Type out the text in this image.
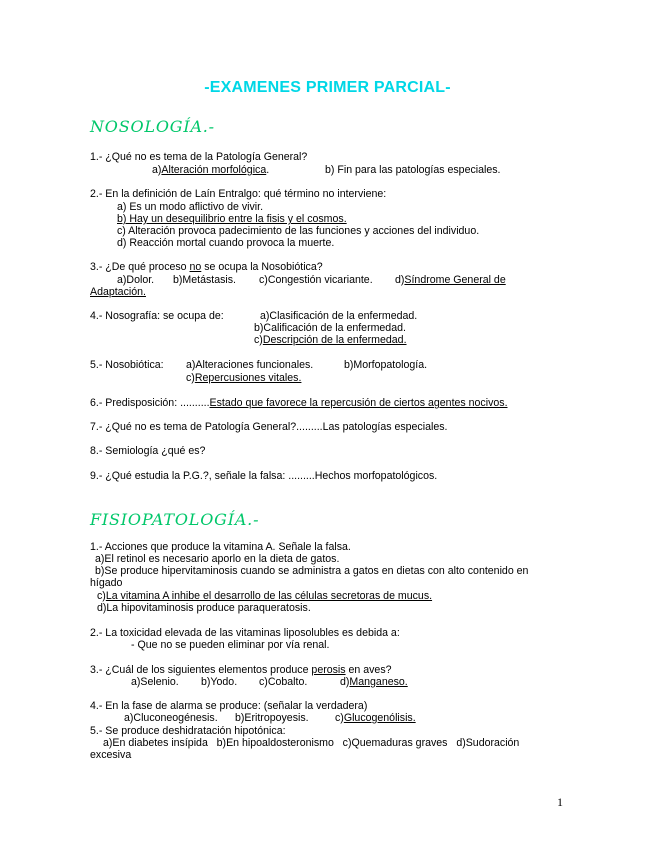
-EXAMENES PRIMER PARCIAL-
NOSOLOGÍA.-
1.- ¿Qué no es tema de la Patología General?
a)Alteración morfológica.	b) Fin para las patologías especiales.
2.- En la definición de Laín Entralgo: qué término no interviene:
a) Es un modo aflictivo de vivir.
b) Hay un desequilibrio entre la fisis y el cosmos.
c) Alteración provoca padecimiento de las funciones y acciones del individuo.
d) Reacción mortal cuando provoca la muerte.
3.- ¿De qué proceso no se ocupa la Nosobiótica?
a)Dolor. b)Metástasis. c)Congestión vicariante. d)Síndrome General de
Adaptación.
4.- Nosografía: se ocupa de:	a)Clasificación de la enfermedad.
b)Calificación de la enfermedad.
c)Descripción de la enfermedad.
5.- Nosobiótica: a)Alteraciones funcionales.	b)Morfopatología.
c)Repercusiones vitales.
6.- Predisposición: ..........Estado que favorece la repercusión de ciertos agentes nocivos.
7.- ¿Qué no es tema de Patología General?.........Las patologías especiales.
8.- Semiología ¿qué es?
9.- ¿Qué estudia la P.G.?, señale la falsa: .........Hechos morfopatológicos.
FISIOPATOLOGÍA.-
1.- Acciones que produce la vitamina A. Señale la falsa.
a)El retinol es necesario aporlo en la dieta de gatos.
b)Se produce hipervitaminosis cuando se administra a gatos en dietas con alto contenido en
hígado
c)La vitamina A inhibe el desarrollo de las células secretoras de mucus.
d)La hipovitaminosis produce paraqueratosis.
2.- La toxicidad elevada de las vitaminas liposolubles es debida a:
- Que no se pueden eliminar por vía renal.
3.- ¿Cuál de los siguientes elementos produce perosis en aves?
a)Selenio. b)Yodo. c)Cobalto.	d)Manganeso.
4.- En la fase de alarma se produce: (señalar la verdadera)
a)Cluconeogénesis. b)Eritropoyesis. c)Glucogenólisis.
5.- Se produce deshidratación hipotónica:
a)En diabetes insípida   b)En hipoaldosteronismo   c)Quemaduras graves   d)Sudoración
excesiva
1
